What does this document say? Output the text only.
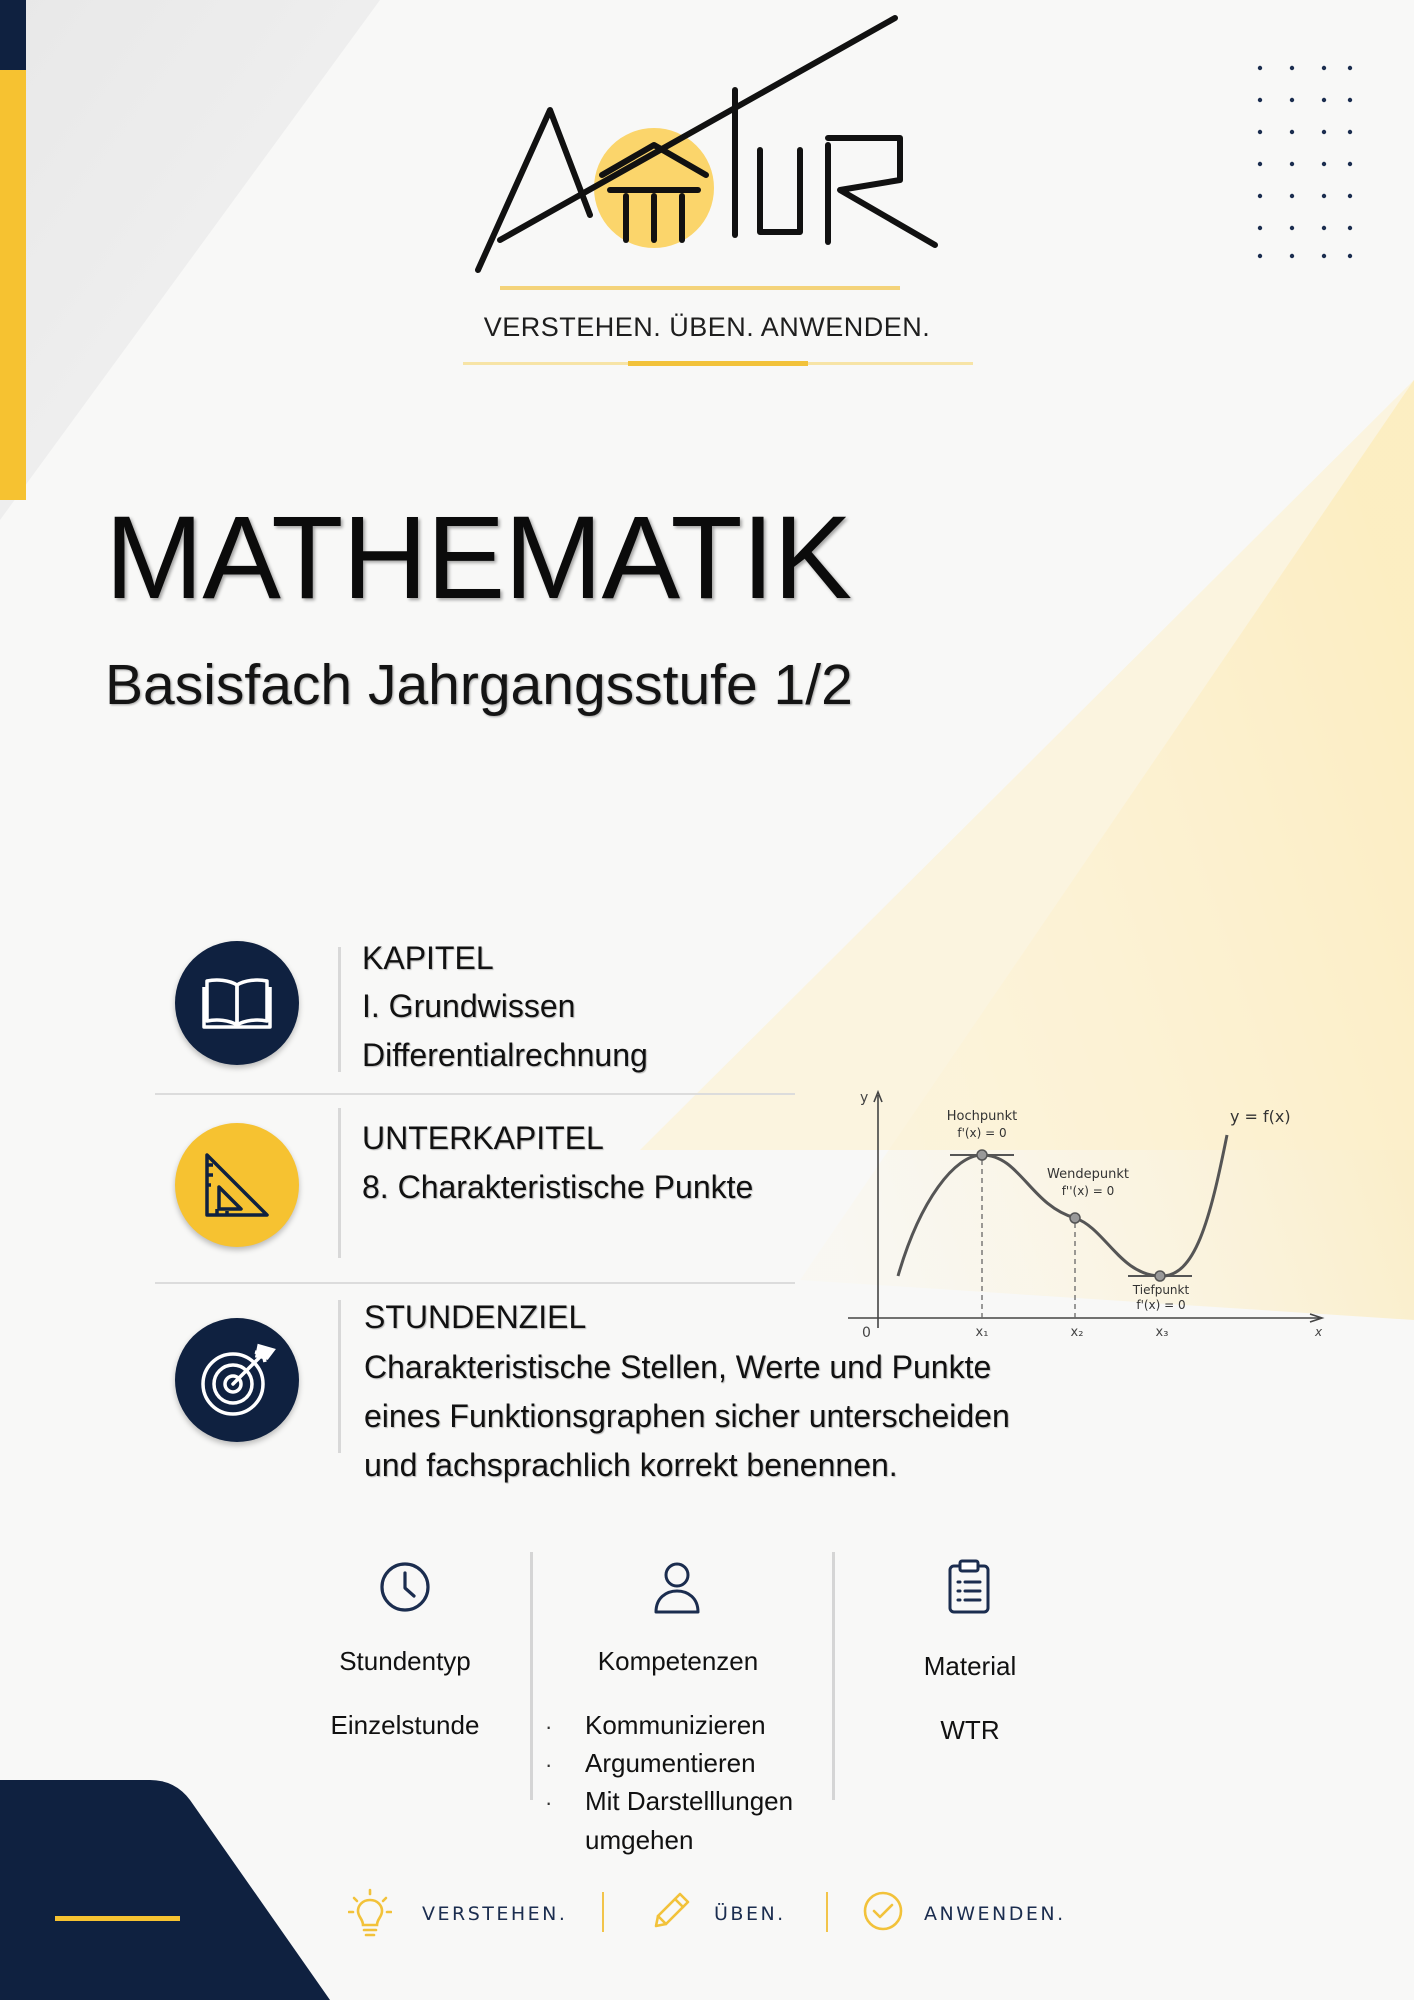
VERSTEHEN. ÜBEN. ANWENDEN.
MATHEMATIK
Basisfach Jahrgangsstufe 1/2
KAPITEL
I. Grundwissen
Differentialrechnung
UNTERKAPITEL
8. Charakteristische Punkte
STUNDENZIEL
Charakteristische Stellen, Werte und Punkte
eines Funktionsgraphen sicher unterscheiden
und fachsprachlich korrekt benennen.
y
x
0
Hochpunkt
f'(x) = 0
Wendepunkt
f''(x) = 0
Tiefpunkt
f'(x) = 0
y = f(x)
x₁	x₂	x₃
Stundentyp
Einzelstunde
Kompetenzen
· Kommunizieren
· Argumentieren
· Mit Darstelllungen
umgehen
Material
WTR
VERSTEHEN.	ÜBEN.	ANWENDEN.
